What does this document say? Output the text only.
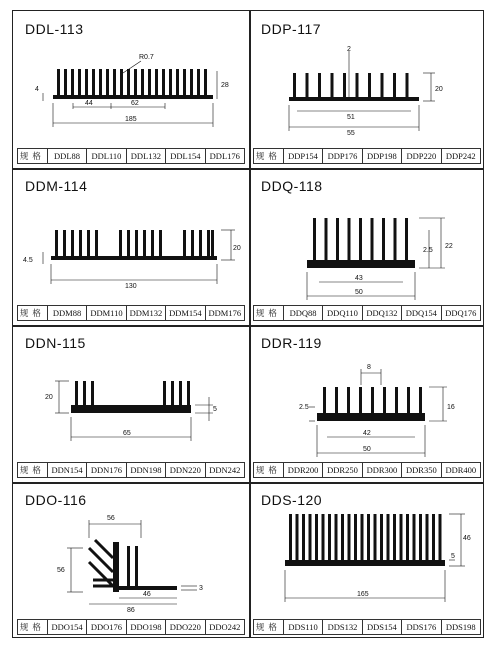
DDL-113
4
R0.7
28
44	62
185
规格	DDL88	DDL110	DDL132	DDL154	DDL176
DDP-117
2
20
51
55
规格 DDP154	DDP176	DDP198	DDP220	DDP242
DDM-114
4.5
20
130
规格 DDM88	DDM110 DDM132 DDM154 DDM176
DDQ-118
2.5
22
43
50
规格	DDQ88	DDQ110 DDQ132 DDQ154 DDQ176
DDN-115
20
5
65
规格 DDN154 DDN176 DDN198 DDN220 DDN242
DDR-119
8
2.5	16
42
50
规格 DDR200	DDR250	DDR300	DDR350	DDR400
DDO-116
56
56
46
3
86
规格 DDO154 DDO176 DDO198 DDO220 DDO242
DDS-120
46
5
165
规格 DDS110	DDS132	DDS154	DDS176	DDS198
